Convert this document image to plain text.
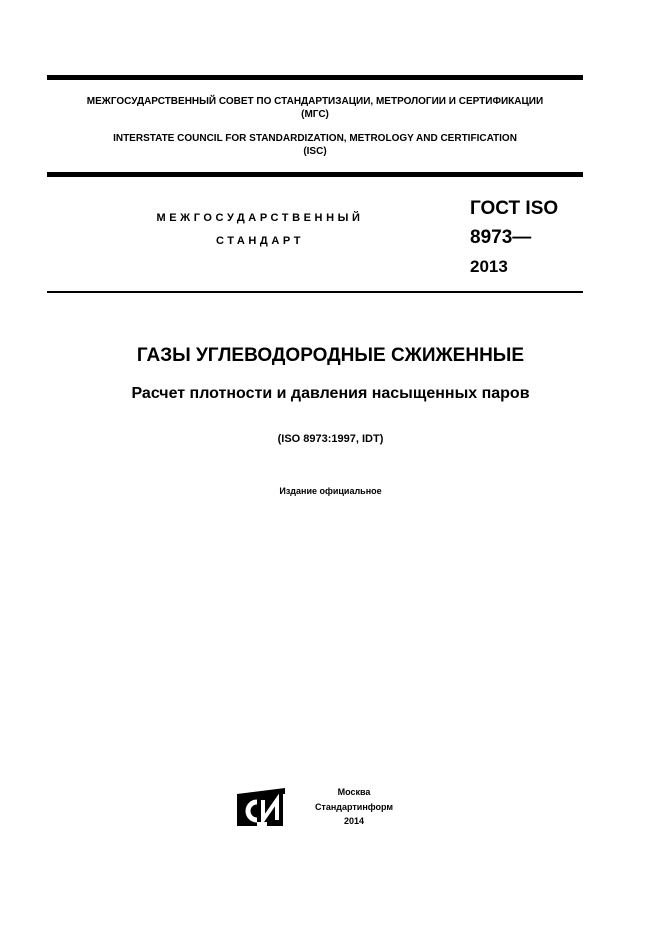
МЕЖГОСУДАРСТВЕННЫЙ СОВЕТ ПО СТАНДАРТИЗАЦИИ, МЕТРОЛОГИИ И СЕРТИФИКАЦИИ
(МГС)
INTERSTATE COUNCIL FOR STANDARDIZATION, METROLOGY AND CERTIFICATION
(ISC)
МЕЖГОСУДАРСТВЕННЫЙ
СТАНДАРТ
ГОСТ ISO
8973—
2013
ГАЗЫ УГЛЕВОДОРОДНЫЕ СЖИЖЕННЫЕ
Расчет плотности и давления насыщенных паров
(ISO 8973:1997, IDT)
Издание официальное
Москва
Стандартинформ
2014
